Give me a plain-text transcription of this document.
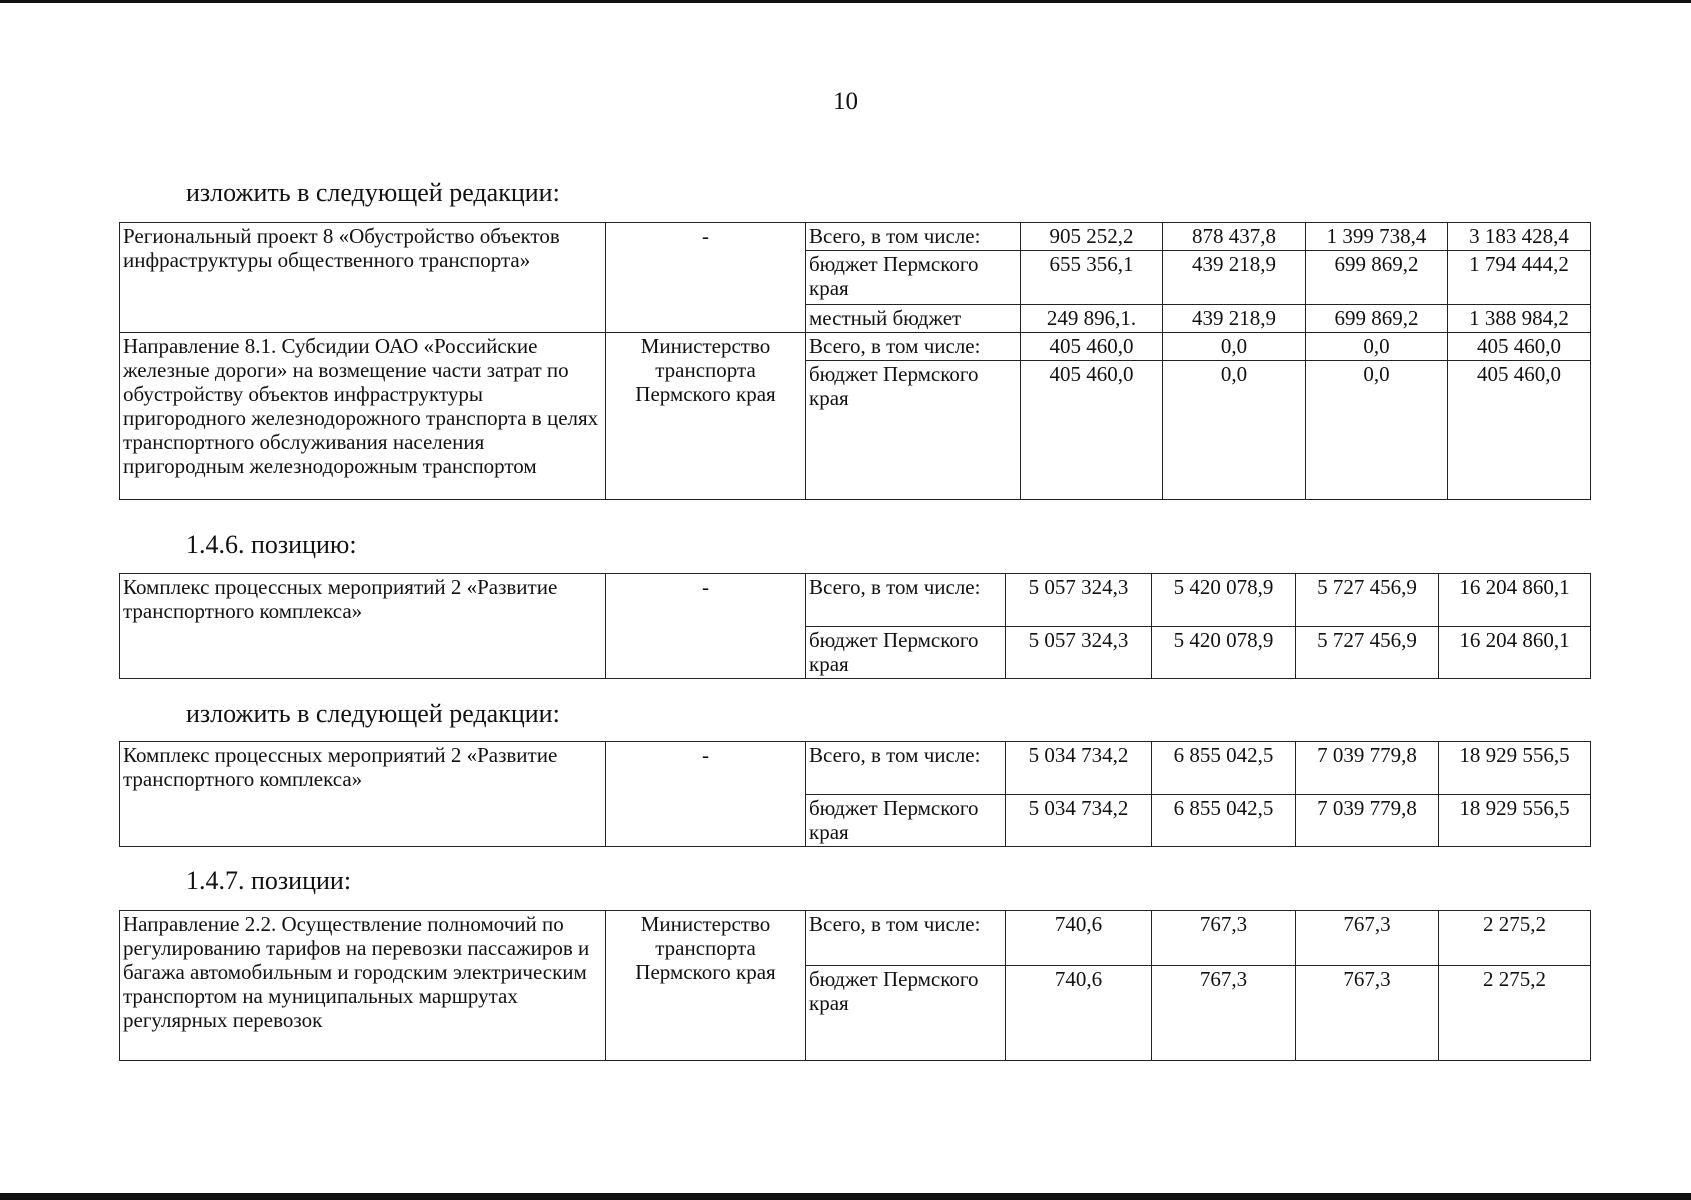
10
изложить в следующей редакции:
Региональный проект 8 «Обустройство объектов инфраструктуры общественного транспорта»	-	Всего, в том числе:	905 252,2	878 437,8	1 399 738,4	3 183 428,4
		бюджет Пермского края	655 356,1	439 218,9	699 869,2	1 794 444,2
		местный бюджет	249 896,1.	439 218,9	699 869,2	1 388 984,2
Направление 8.1. Субсидии ОАО «Российские железные дороги» на возмещение части затрат по обустройству объектов инфраструктуры пригородного железнодорожного транспорта в целях транспортного обслуживания населения пригородным железнодорожным транспортом	Министерство транспорта Пермского края	Всего, в том числе:	405 460,0	0,0	0,0	405 460,0
		бюджет Пермского края	405 460,0	0,0	0,0	405 460,0
1.4.6. позицию:
Комплекс процессных мероприятий 2 «Развитие транспортного комплекса»	-	Всего, в том числе:	5 057 324,3	5 420 078,9	5 727 456,9	16 204 860,1
		бюджет Пермского края	5 057 324,3	5 420 078,9	5 727 456,9	16 204 860,1
изложить в следующей редакции:
Комплекс процессных мероприятий 2 «Развитие транспортного комплекса»	-	Всего, в том числе:	5 034 734,2	6 855 042,5	7 039 779,8	18 929 556,5
		бюджет Пермского края	5 034 734,2	6 855 042,5	7 039 779,8	18 929 556,5
1.4.7. позиции:
Направление 2.2. Осуществление полномочий по регулированию тарифов на перевозки пассажиров и багажа автомобильным и городским электрическим транспортом на муниципальных маршрутах регулярных перевозок	Министерство транспорта Пермского края	Всего, в том числе:	740,6	767,3	767,3	2 275,2
		бюджет Пермского края	740,6	767,3	767,3	2 275,2
